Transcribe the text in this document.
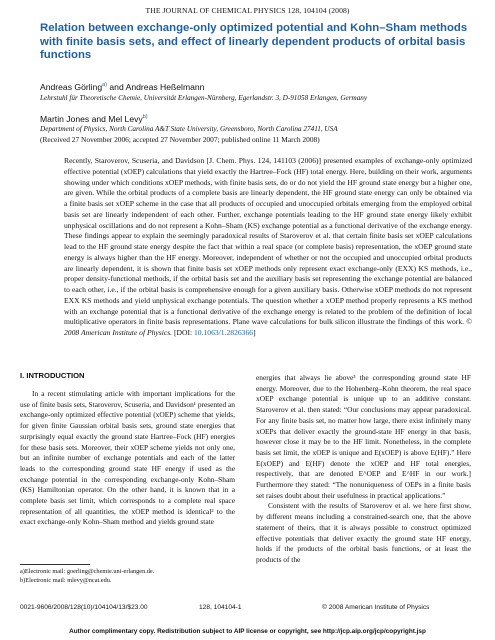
THE JOURNAL OF CHEMICAL PHYSICS 128, 104104 (2008)
Relation between exchange-only optimized potential and Kohn–Sham methods with finite basis sets, and effect of linearly dependent products of orbital basis functions
Andreas Görling$^{a)}$ and Andreas Heßelmann
Lehrstuhl für Theoretische Chemie, Universität Erlangen-Nürnberg, Egerlandstr. 3, D-91058 Erlangen, Germany
Martin Jones and Mel Levy$^{b)}$
Department of Physics, North Carolina A&T State University, Greensboro, North Carolina 27411, USA
(Received 27 November 2006; accepted 27 November 2007; published online 11 March 2008)

Recently, Staroverov, Scuseria, and Davidson [J. Chem. Phys. 124, 141103 (2006)] presented examples of exchange-only optimized effective potential (xOEP) calculations that yield exactly the Hartree–Fock (HF) total energy. Here, building on their work, arguments showing under which conditions xOEP methods, with finite basis sets, do or do not yield the HF ground state energy but a higher one, are given. While the orbital products of a complete basis are linearly dependent, the HF ground state energy can only be obtained via a finite basis set xOEP scheme in the case that all products of occupied and unoccupied orbitals emerging from the employed orbital basis set are linearly independent of each other. Further, exchange potentials leading to the HF ground state energy likely exhibit unphysical oscillations and do not represent a Kohn–Sham (KS) exchange potential as a functional derivative of the exchange energy. These findings appear to explain the seemingly paradoxical results of Staroverov et al. that certain finite basis set xOEP calculations lead to the HF ground state energy despite the fact that within a real space (or complete basis) representation, the xOEP ground state energy is always higher than the HF energy. Moreover, independent of whether or not the occupied and unoccupied orbital products are linearly dependent, it is shown that finite basis set xOEP methods only represent exact exchange-only (EXX) KS methods, i.e., proper density-functional methods, if the orbital basis set and the auxiliary basis set representing the exchange potential are balanced to each other, i.e., if the orbital basis is comprehensive enough for a given auxiliary basis. Otherwise xOEP methods do not represent EXX KS methods and yield unphysical exchange potentials. The question whether a xOEP method properly represents a KS method with an exchange potential that is a functional derivative of the exchange energy is related to the problem of the definition of local multiplicative operators in finite basis representations. Plane wave calculations for bulk silicon illustrate the findings of this work. © 2008 American Institute of Physics. [DOI: 10.1063/1.2826366]

I. INTRODUCTION

In a recent stimulating article with important implications for the use of finite basis sets, Staroverov, Scuseria, and Davidson¹ presented an exchange-only optimized effective potential (xOEP) scheme that yields, for given finite Gaussian orbital basis sets, ground state energies that surprisingly equal exactly the ground state Hartree–Fock (HF) energies for these basis sets. Moreover, their xOEP scheme yields not only one, but an infinite number of exchange potentials and each of the latter leads to the corresponding ground state HF energy if used as the exchange potential in the corresponding exchange-only Kohn–Sham (KS) Hamiltonian operator. On the other hand, it is known that in a complete basis set limit, which corresponds to a complete real space representation of all quantities, the xOEP method is identical² to the exact exchange-only Kohn–Sham method and yields ground state

energies that always lie above³ the corresponding ground state HF energy. Moreover, due to the Hohenberg–Kohn theorem, the real space xOEP exchange potential is unique up to an additive constant. Staroverov et al. then stated: “Our conclusions may appear paradoxical. For any finite basis set, no matter how large, there exist infinitely many xOEPs that deliver exactly the ground-state HF energy in that basis, however close it may be to the HF limit. Nonetheless, in the complete basis set limit, the xOEP is unique and E(xOEP) is above E(HF).” Here E(xOEP) and E(HF) denote the xOEP and HF total energies, respectively, that are denoted E^OEP and E^HF in our work.] Furthermore they stated: “The nonuniqueness of OEPs in a finite basis set raises doubt about their usefulness in practical applications.”

Consistent with the results of Staroverov et al. we here first show, by different means including a constrained-search one, that the above statement of theirs, that it is always possible to construct optimized effective potentials that deliver exactly the ground state HF energy, holds if the products of the orbital basis functions, or at least the products of the

a)Electronic mail: goerling@chemie.uni-erlangen.de.
b)Electronic mail: mlevy@ncat.edu.
0021-9606/2008/128(10)/104104/13/$23.00	128, 104104-1	© 2008 American Institute of Physics
Author complimentary copy. Redistribution subject to AIP license or copyright, see http://jcp.aip.org/jcp/copyright.jsp
